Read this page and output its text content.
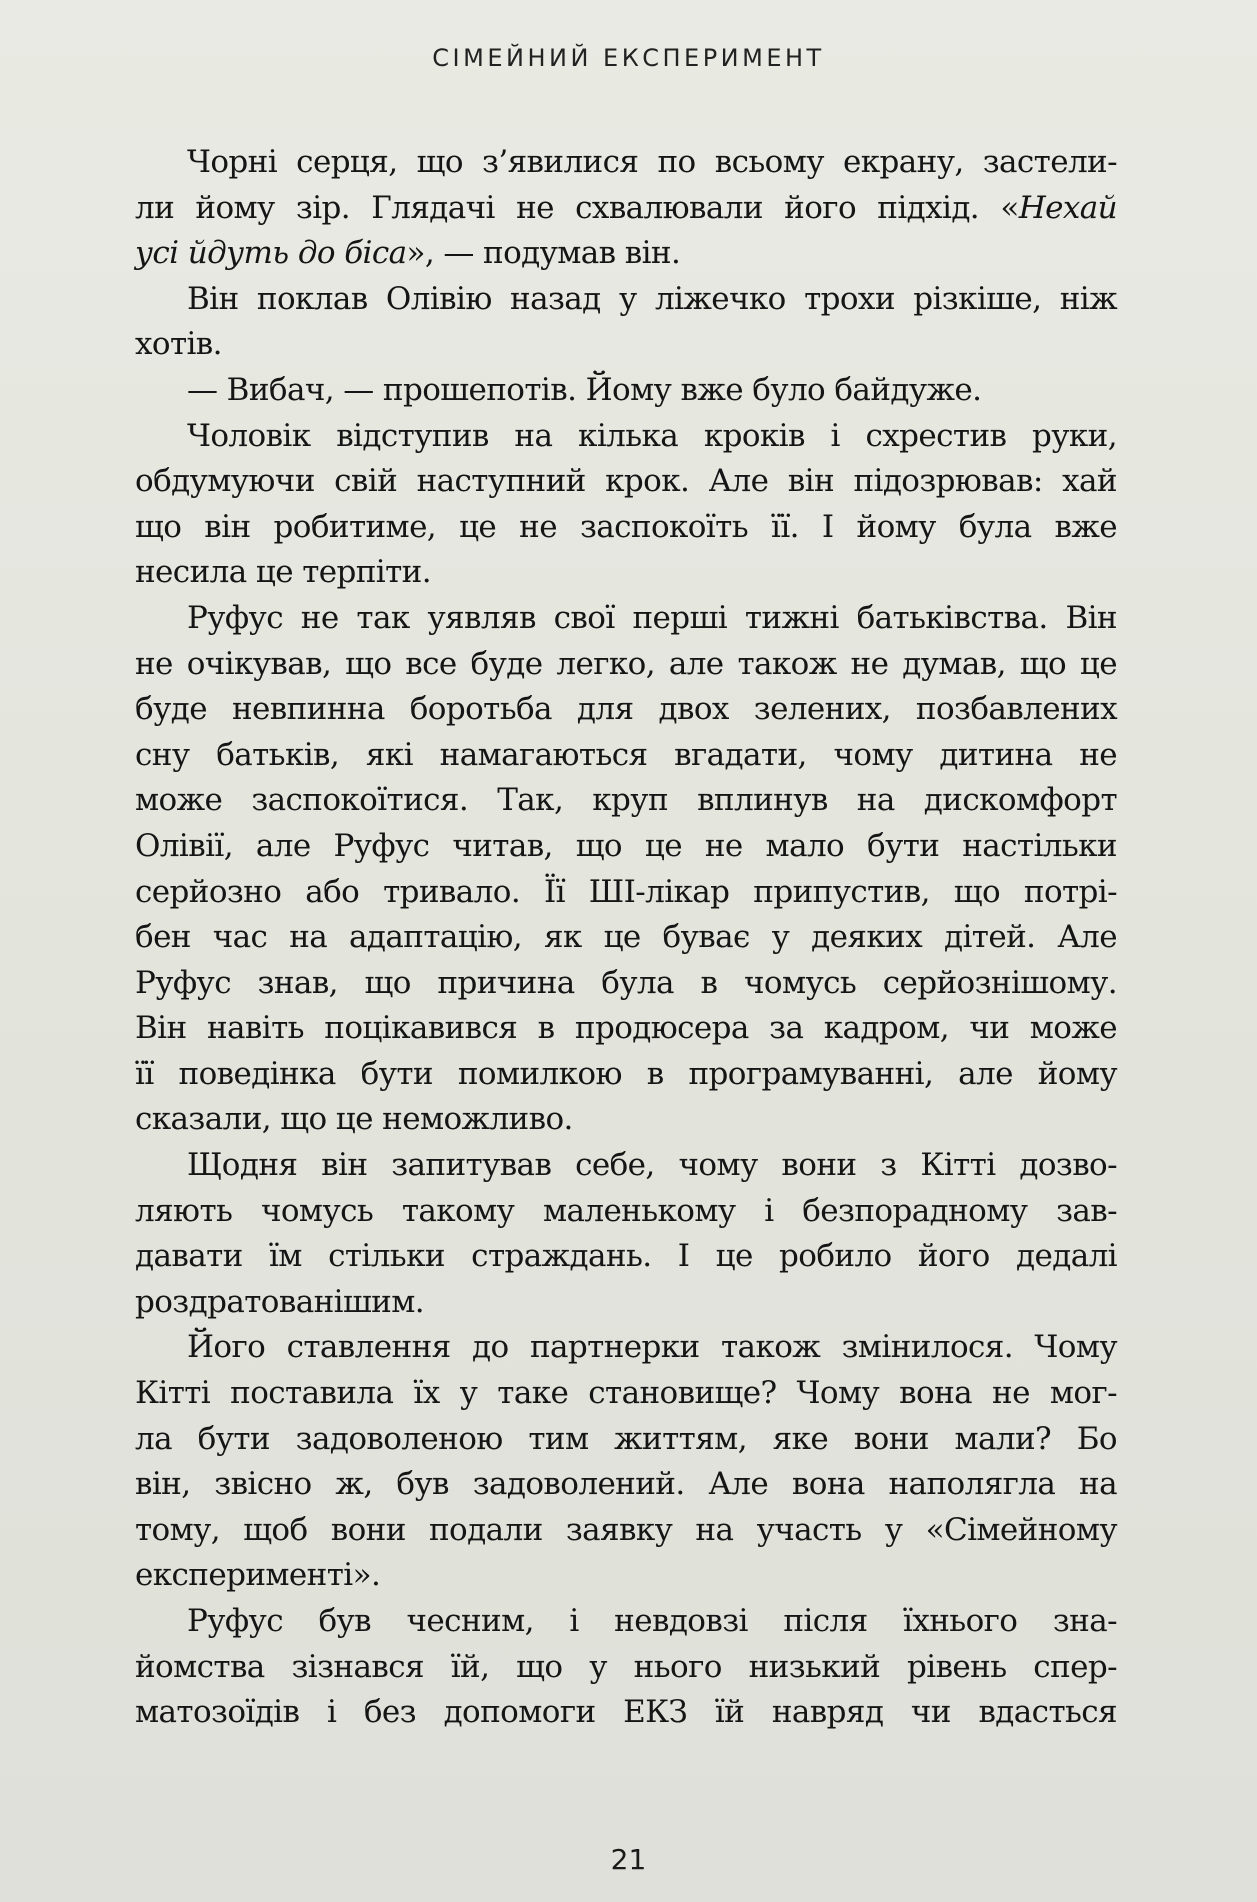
СІМЕЙНИЙ ЕКСПЕРИМЕНТ
Чорні серця, що з’явилися по всьому екрану, застели-
ли йому зір. Глядачі не схвалювали його підхід. «Нехай
усі йдуть до біса», — подумав він.
Він поклав Олівію назад у ліжечко трохи різкіше, ніж
хотів.
— Вибач, — прошепотів. Йому вже було байдуже.
Чоловік відступив на кілька кроків і схрестив руки,
обдумуючи свій наступний крок. Але він підозрював: хай
що він робитиме, це не заспокоїть її. І йому була вже
несила це терпіти.
Руфус не так уявляв свої перші тижні батьківства. Він
не очікував, що все буде легко, але також не думав, що це
буде невпинна боротьба для двох зелених, позбавлених
сну батьків, які намагаються вгадати, чому дитина не
може заспокоїтися. Так, круп вплинув на дискомфорт
Олівії, але Руфус читав, що це не мало бути настільки
серйозно або тривало. Її ШІ-лікар припустив, що потрі-
бен час на адаптацію, як це буває у деяких дітей. Але
Руфус знав, що причина була в чомусь серйознішому.
Він навіть поцікавився в продюсера за кадром, чи може
її поведінка бути помилкою в програмуванні, але йому
сказали, що це неможливо.
Щодня він запитував себе, чому вони з Кітті дозво-
ляють чомусь такому маленькому і безпорадному зав-
давати їм стільки страждань. І це робило його дедалі
роздратованішим.
Його ставлення до партнерки також змінилося. Чому
Кітті поставила їх у таке становище? Чому вона не мог-
ла бути задоволеною тим життям, яке вони мали? Бо
він, звісно ж, був задоволений. Але вона наполягла на
тому, щоб вони подали заявку на участь у «Сімейному
експерименті».
Руфус був чесним, і невдовзі після їхнього зна-
йомства зізнався їй, що у нього низький рівень спер-
матозоїдів і без допомоги ЕКЗ їй навряд чи вдасться
21
